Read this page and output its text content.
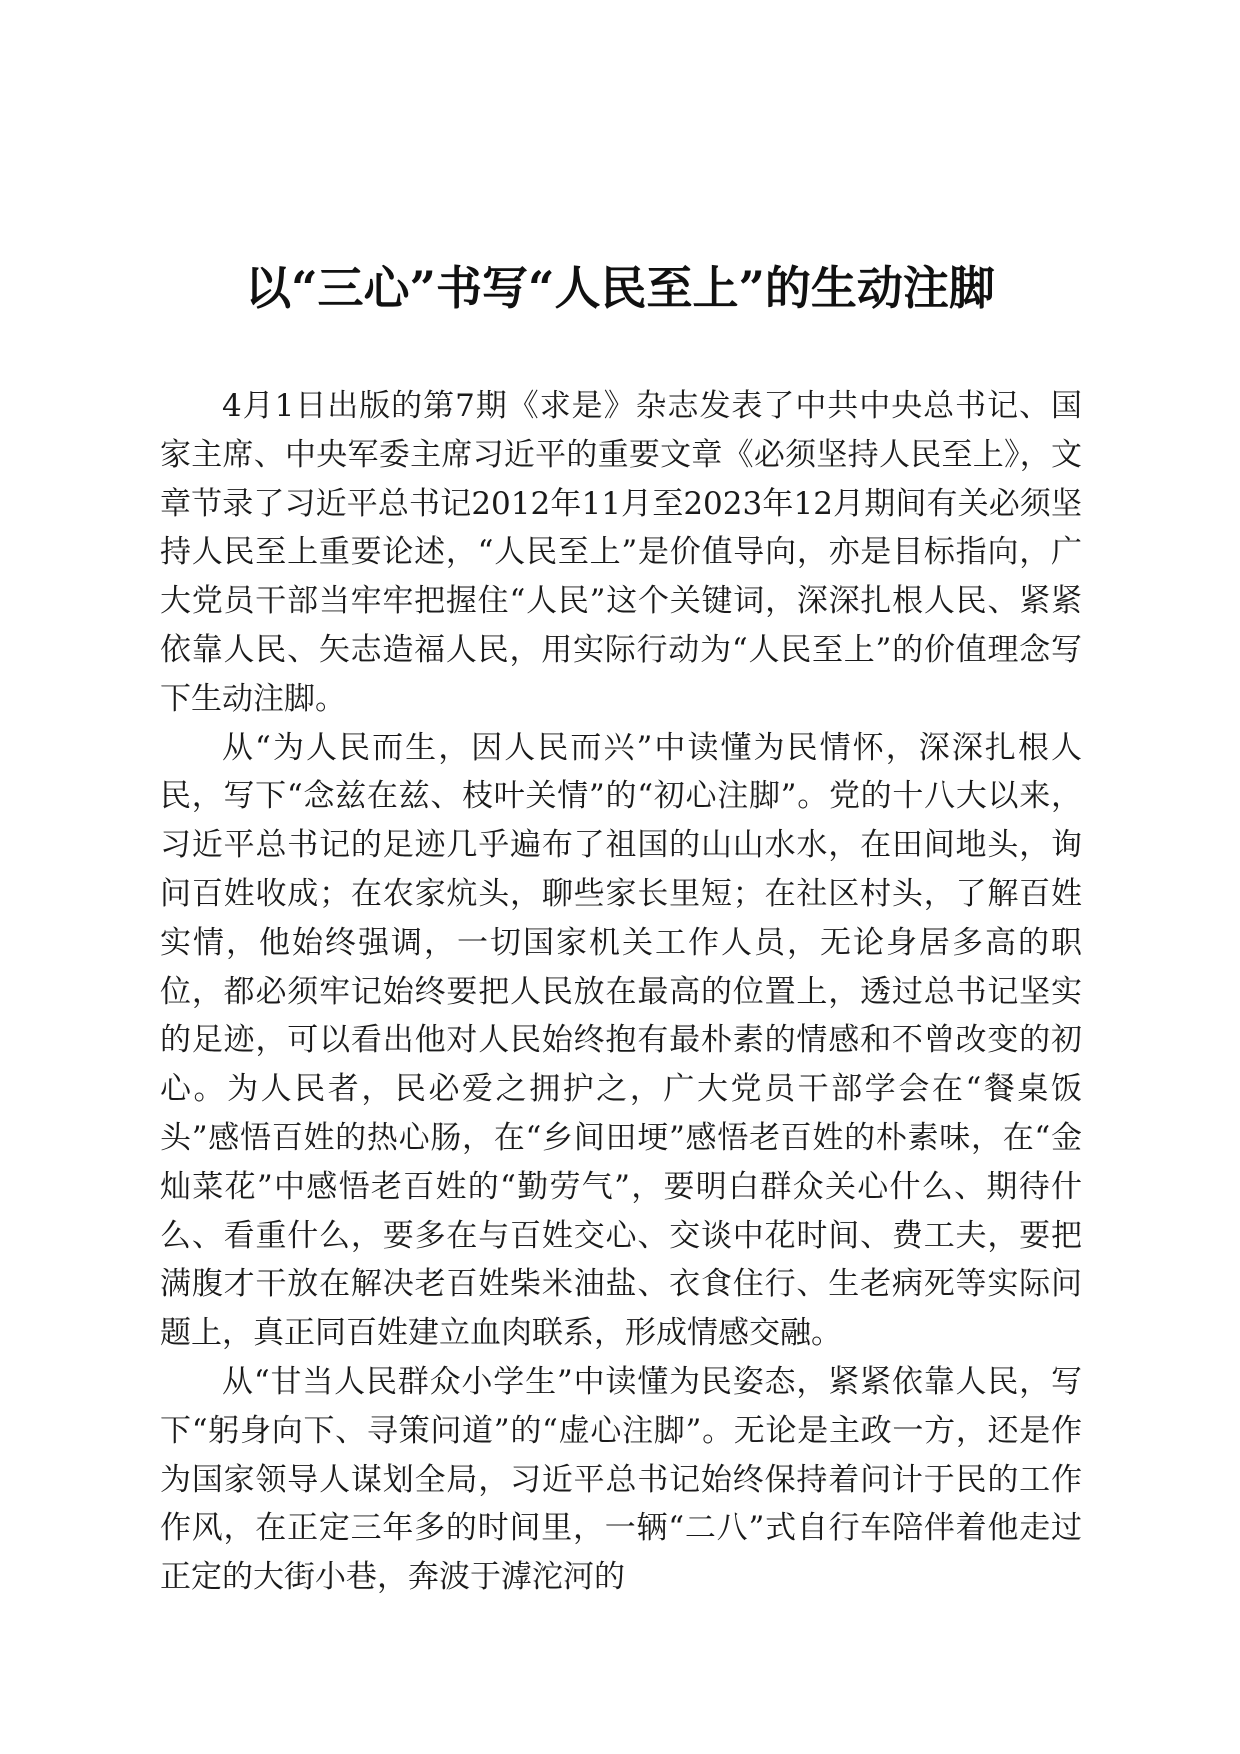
以“三心”书写“人民至上”的生动注脚

4月1日出版的第7期《求是》杂志发表了中共中央总书记、国家主席、中央军委主席习近平的重要文章《必须坚持人民至上》，文章节录了习近平总书记2012年11月至2023年12月期间有关必须坚持人民至上重要论述，“人民至上”是价值导向，亦是目标指向，广大党员干部当牢牢把握住“人民”这个关键词，深深扎根人民、紧紧依靠人民、矢志造福人民，用实际行动为“人民至上”的价值理念写下生动注脚。

从“为人民而生，因人民而兴”中读懂为民情怀，深深扎根人民，写下“念兹在兹、枝叶关情”的“初心注脚”。党的十八大以来，习近平总书记的足迹几乎遍布了祖国的山山水水，在田间地头，询问百姓收成；在农家炕头，聊些家长里短；在社区村头，了解百姓实情，他始终强调，一切国家机关工作人员，无论身居多高的职位，都必须牢记始终要把人民放在最高的位置上，透过总书记坚实的足迹，可以看出他对人民始终抱有最朴素的情感和不曾改变的初心。为人民者，民必爱之拥护之，广大党员干部学会在“餐桌饭头”感悟百姓的热心肠，在“乡间田埂”感悟老百姓的朴素味，在“金灿菜花”中感悟老百姓的“勤劳气”，要明白群众关心什么、期待什么、看重什么，要多在与百姓交心、交谈中花时间、费工夫，要把满腹才干放在解决老百姓柴米油盐、衣食住行、生老病死等实际问题上，真正同百姓建立血肉联系，形成情感交融。

从“甘当人民群众小学生”中读懂为民姿态，紧紧依靠人民，写下“躬身向下、寻策问道”的“虚心注脚”。无论是主政一方，还是作为国家领导人谋划全局，习近平总书记始终保持着问计于民的工作作风，在正定三年多的时间里，一辆“二八”式自行车陪伴着他走过正定的大街小巷，奔波于滹沱河的
